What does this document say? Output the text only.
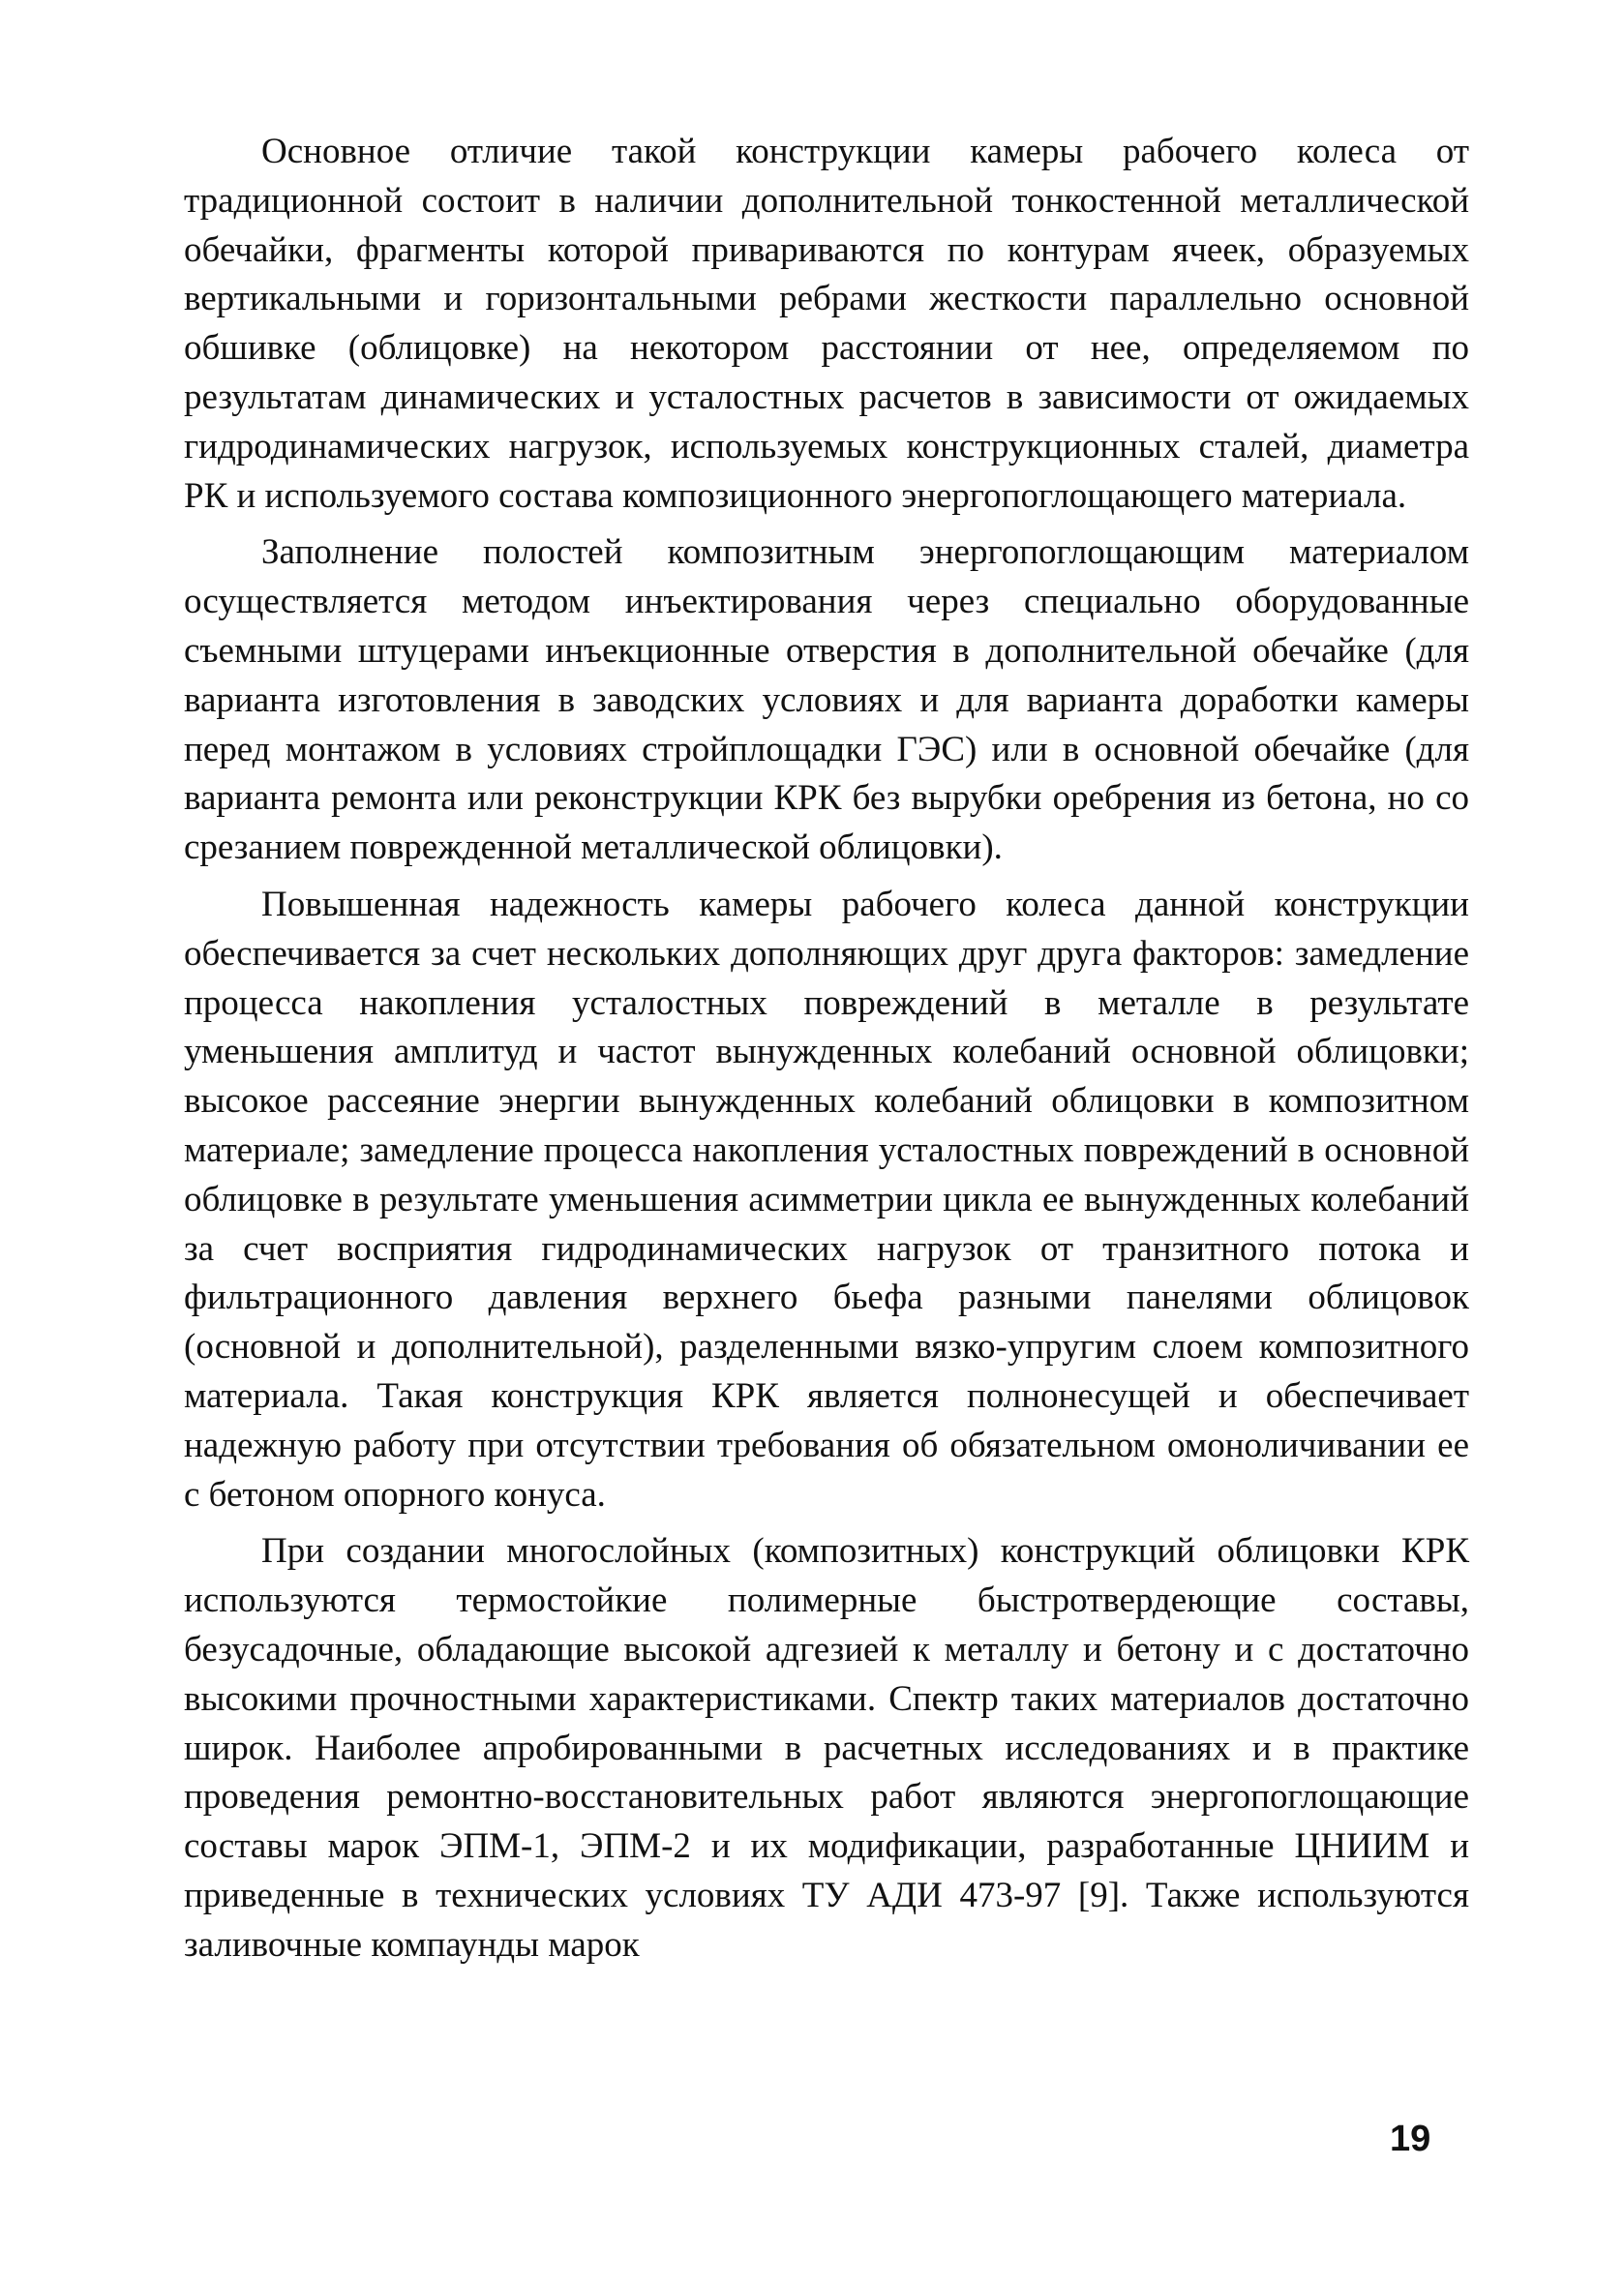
Основное отличие такой конструкции камеры рабочего колеса от традиционной состоит в наличии дополнительной тонкостенной металлической обечайки, фрагменты которой привариваются по контурам ячеек, образуемых вертикальными и горизонтальными ребрами жесткости параллельно основной обшивке (облицовке) на некотором расстоянии от нее, определяемом по результатам динамических и усталостных расчетов в зависимости от ожидаемых гидродинамических нагрузок, используемых конструкционных сталей, диаметра РК и используемого состава композиционного энергопоглощающего материала.

Заполнение полостей композитным энергопоглощающим материалом осуществляется методом инъектирования через специально оборудованные съемными штуцерами инъекционные отверстия в дополнительной обечайке (для варианта изготовления в заводских условиях и для варианта доработки камеры перед монтажом в условиях стройплощадки ГЭС) или в основной обечайке (для варианта ремонта или реконструкции КРК без вырубки оребрения из бетона, но со срезанием поврежденной металлической облицовки).

Повышенная надежность камеры рабочего колеса данной конструкции обеспечивается за счет нескольких дополняющих друг друга факторов: замедление процесса накопления усталостных повреждений в металле в результате уменьшения амплитуд и частот вынужденных колебаний основной облицовки; высокое рассеяние энергии вынужденных колебаний облицовки в композитном материале; замедление процесса накопления усталостных повреждений в основной облицовке в результате уменьшения асимметрии цикла ее вынужденных колебаний за счет восприятия гидродинамических нагрузок от транзитного потока и фильтрационного давления верхнего бьефа разными панелями облицовок (основной и дополнительной), разделенными вязко-упругим слоем композитного материала. Такая конструкция КРК является полнонесущей и обеспечивает надежную работу при отсутствии требования об обязательном омоноличивании ее с бетоном опорного конуса.

При создании многослойных (композитных) конструкций облицовки КРК используются термостойкие полимерные быстротвердеющие составы, безусадочные, обладающие высокой адгезией к металлу и бетону и с достаточно высокими прочностными характеристиками. Спектр таких материалов достаточно широк. Наиболее апробированными в расчетных исследованиях и в практике проведения ремонтно-восстановительных работ являются энергопоглощающие составы марок ЭПМ-1, ЭПМ-2 и их модификации, разработанные ЦНИИМ и приведенные в технических условиях ТУ АДИ 473-97 [9]. Также используются заливочные компаунды марок

19
